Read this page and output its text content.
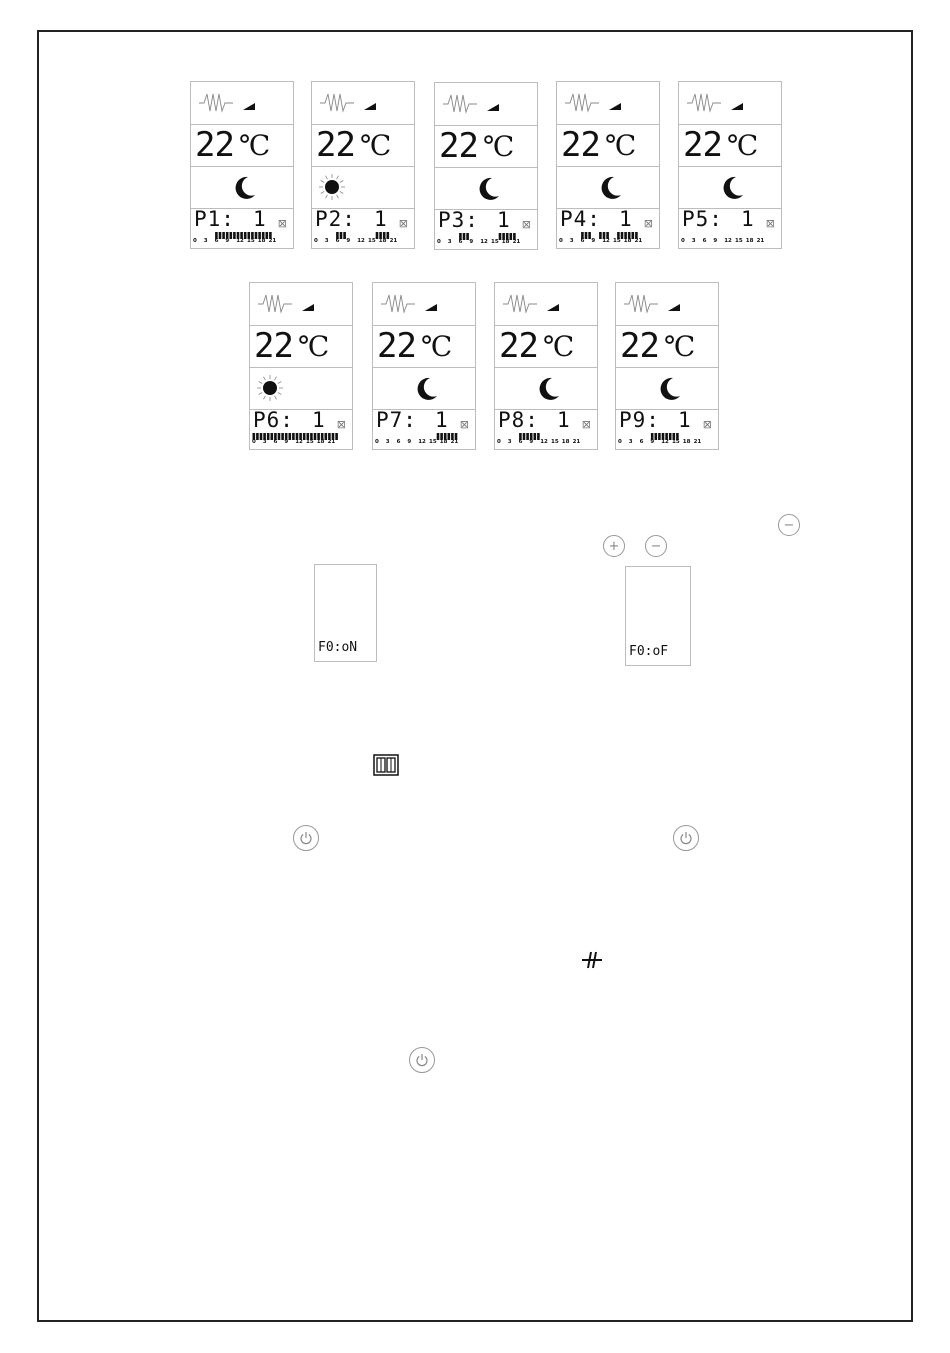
22 ℃
P1: 1 ⊠
0 3 6 9 12 15 18 21
22 ℃
P2: 1 ⊠
0 3 6 9 12 15 18 21
22 ℃
P3: 1 ⊠
0 3 6 9 12 15 18 21
22 ℃
P4: 1 ⊠
0 3 6 9 12 15 18 21
22 ℃
P5: 1 ⊠
0 3 6 9 12 15 18 21
22 ℃
P6: 1 ⊠
0 3 6 9 12 15 18 21
22 ℃
P7: 1 ⊠
0 3 6 9 12 15 18 21
22 ℃
P8: 1 ⊠
0 3 6 9 12 15 18 21
22 ℃
P9: 1 ⊠
0 3 6 9 12 15 18 21
F0:oN	F0:oF
+ −
−
